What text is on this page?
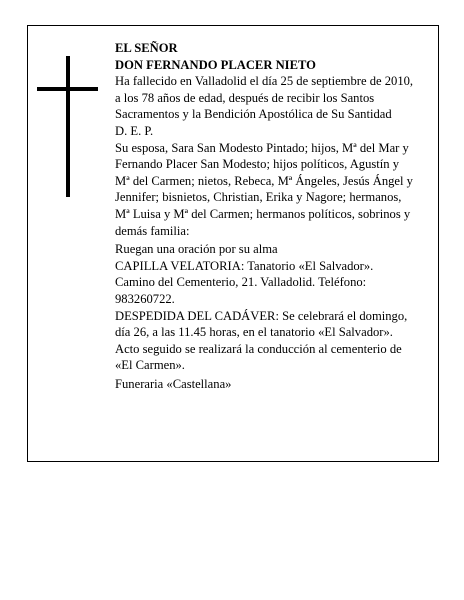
EL SEÑOR

DON FERNANDO PLACER NIETO

Ha fallecido en Valladolid el día 25 de septiembre de 2010, a los 78 años de edad, después de recibir los Santos Sacramentos y la Bendición Apostólica de Su Santidad

D. E. P.

Su esposa, Sara San Modesto Pintado; hijos, Mª del Mar y Fernando Placer San Modesto; hijos políticos, Agustín y Mª del Carmen; nietos, Rebeca, Mª Ángeles, Jesús Ángel y Jennifer; bisnietos, Christian, Erika y Nagore; hermanos, Mª Luisa y Mª del Carmen; hermanos políticos, sobrinos y demás familia:

Ruegan una oración por su alma

CAPILLA VELATORIA: Tanatorio «El Salvador». Camino del Cementerio, 21. Valladolid. Teléfono: 983260722.

DESPEDIDA DEL CADÁVER: Se celebrará el domingo, día 26, a las 11.45 horas, en el tanatorio «El Salvador». Acto seguido se realizará la conducción al cementerio de «El Carmen».

Funeraria «Castellana»
